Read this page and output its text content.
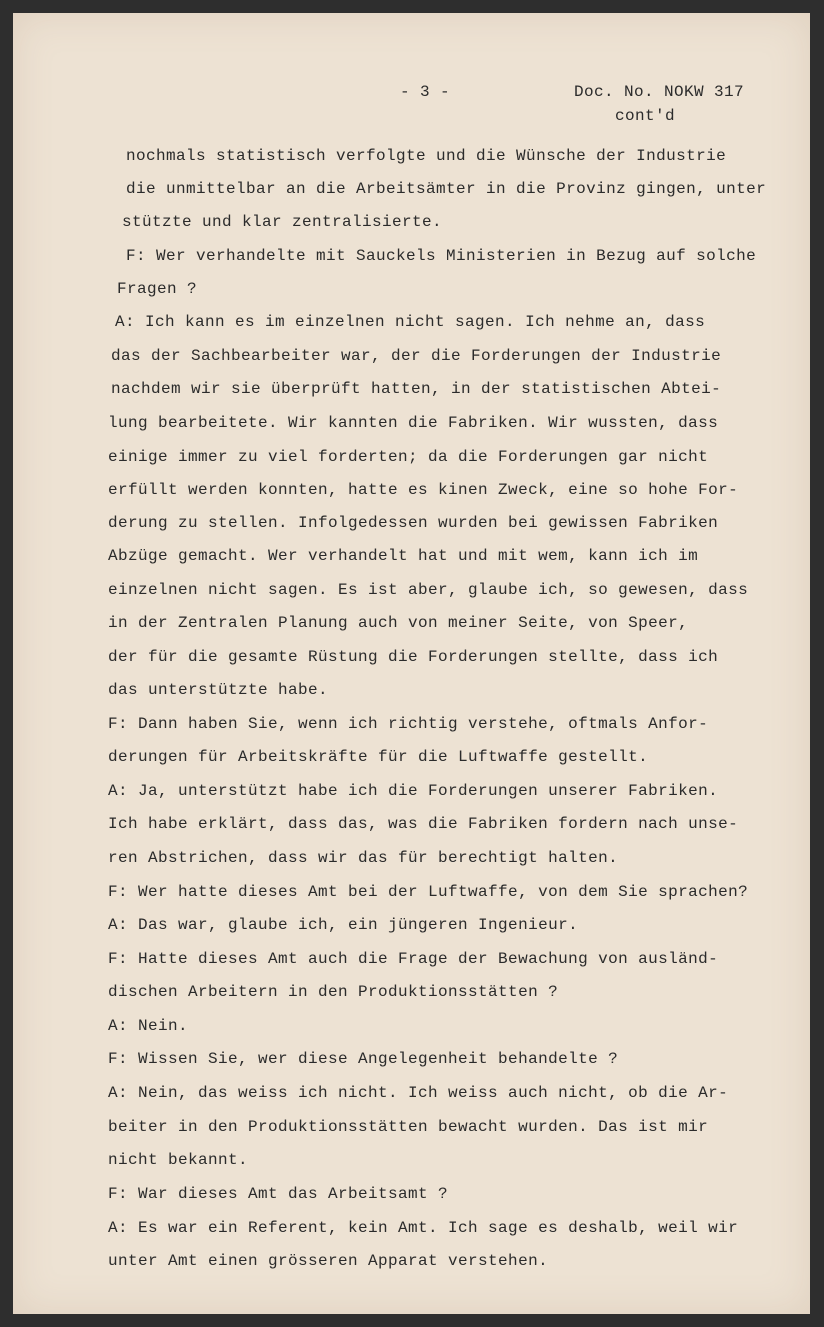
- 3 -	Doc. No. NOKW 317

cont'd

nochmals statistisch verfolgte und die Wünsche der Industrie

die unmittelbar an die Arbeitsämter in die Provinz gingen, unter

stützte und klar zentralisierte.

F: Wer verhandelte mit Sauckels Ministerien in Bezug auf solche

Fragen ?

A: Ich kann es im einzelnen nicht sagen. Ich nehme an, dass

das der Sachbearbeiter war, der die Forderungen der Industrie

nachdem wir sie überprüft hatten, in der statistischen Abtei-

lung bearbeitete. Wir kannten die Fabriken. Wir wussten, dass

einige immer zu viel forderten; da die Forderungen gar nicht

erfüllt werden konnten, hatte es kinen Zweck, eine so hohe For-

derung zu stellen. Infolgedessen wurden bei gewissen Fabriken

Abzüge gemacht. Wer verhandelt hat und mit wem, kann ich im

einzelnen nicht sagen. Es ist aber, glaube ich, so gewesen, dass

in der Zentralen Planung auch von meiner Seite, von Speer,

der für die gesamte Rüstung die Forderungen stellte, dass ich

das unterstützte habe.

F: Dann haben Sie, wenn ich richtig verstehe, oftmals Anfor-

derungen für Arbeitskräfte für die Luftwaffe gestellt.

A: Ja, unterstützt habe ich die Forderungen unserer Fabriken.

Ich habe erklärt, dass das, was die Fabriken fordern nach unse-

ren Abstrichen, dass wir das für berechtigt halten.

F: Wer hatte dieses Amt bei der Luftwaffe, von dem Sie sprachen?

A: Das war, glaube ich, ein jüngeren Ingenieur.

F: Hatte dieses Amt auch die Frage der Bewachung von ausländ-

dischen Arbeitern in den Produktionsstätten ?

A: Nein.

F: Wissen Sie, wer diese Angelegenheit behandelte ?

A: Nein, das weiss ich nicht. Ich weiss auch nicht, ob die Ar-

beiter in den Produktionsstätten bewacht wurden. Das ist mir

nicht bekannt.

F: War dieses Amt das Arbeitsamt ?

A: Es war ein Referent, kein Amt. Ich sage es deshalb, weil wir

unter Amt einen grösseren Apparat verstehen.
